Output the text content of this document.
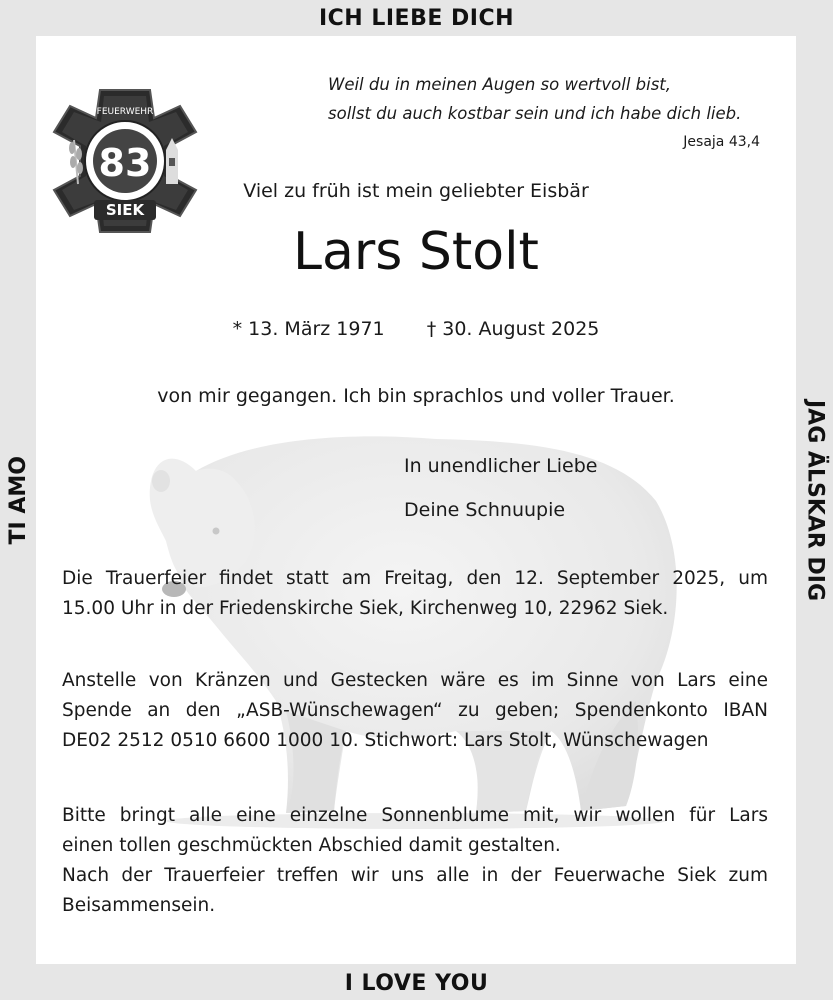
ICH LIEBE DICH
TI AMO	JAG ÄLSKAR DIG
I LOVE YOU
83
FEUERWEHR
SIEK
Weil du in meinen Augen so wertvoll bist,
sollst du auch kostbar sein und ich habe dich lieb.
Jesaja 43,4
Viel zu früh ist mein geliebter Eisbär
Lars Stolt
* 13. März 1971 † 30. August 2025
von mir gegangen. Ich bin sprachlos und voller Trauer.
In unendlicher Liebe
Deine Schnuupie
Die Trauerfeier findet statt am Freitag, den 12. September 2025, um
15.00 Uhr in der Friedenskirche Siek, Kirchenweg 10, 22962 Siek.
Anstelle von Kränzen und Gestecken wäre es im Sinne von Lars eine
Spende an den „ASB-Wünschewagen“ zu geben; Spendenkonto IBAN
DE02 2512 0510 6600 1000 10. Stichwort: Lars Stolt, Wünschewagen
Bitte bringt alle eine einzelne Sonnenblume mit, wir wollen für Lars
einen tollen geschmückten Abschied damit gestalten.
Nach der Trauerfeier treffen wir uns alle in der Feuerwache Siek zum
Beisammensein.
